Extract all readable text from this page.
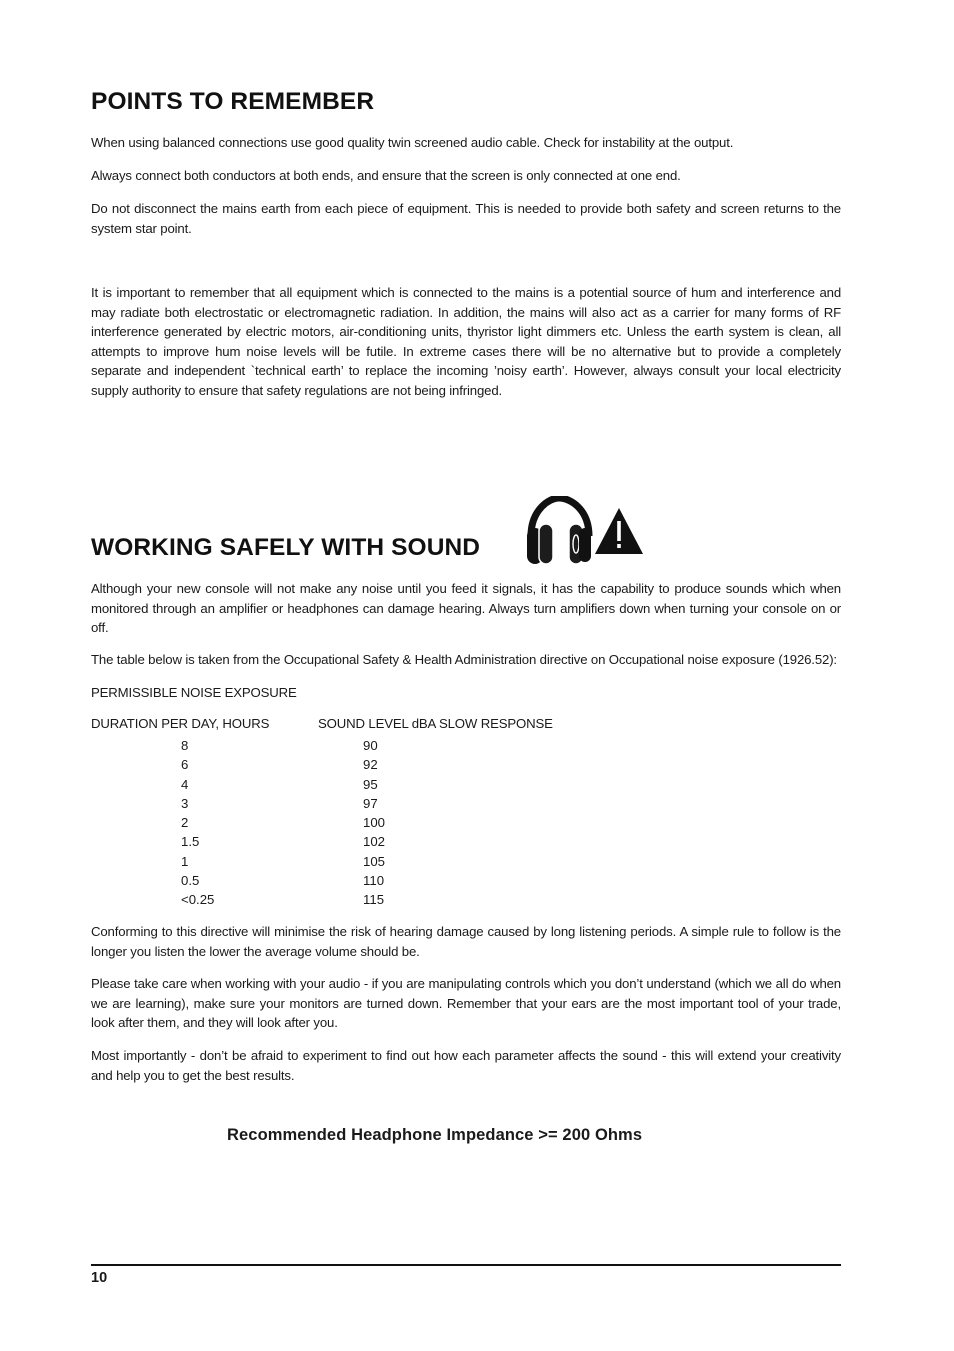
POINTS TO REMEMBER

When using balanced connections use good quality twin screened audio cable. Check for instability at the output.

Always connect both conductors at both ends, and ensure that the screen is only connected at one end.

Do not disconnect the mains earth from each piece of equipment. This is needed to provide both safety and screen returns to the system star point.

It is important to remember that all equipment which is connected to the mains is a potential source of hum and interference and may radiate both electrostatic or electromagnetic radiation. In addition, the mains will also act as a carrier for many forms of RF interference generated by electric motors, air-conditioning units, thyristor light dimmers etc. Unless the earth system is clean, all attempts to improve hum noise levels will be futile. In extreme cases there will be no alternative but to provide a completely separate and independent `technical earth’ to replace the incoming ’noisy earth’. However, always consult your local electricity supply authority to ensure that safety regulations are not being infringed.

WORKING SAFELY WITH SOUND

Although your new console will not make any noise until you feed it signals, it has the capability to produce sounds which when monitored through an amplifier or headphones can damage hearing. Always turn amplifiers down when turning your console on or off.

The table below is taken from the Occupational Safety & Health Administration directive on Occupational noise exposure (1926.52):

PERMISSIBLE NOISE EXPOSURE

DURATION PER DAY, HOURS	SOUND LEVEL dBA SLOW RESPONSE
8
6
4
3
2
1.5
1
0.5
<0.25
90
92
95
97
100
102
105
110
115

Conforming to this directive will minimise the risk of hearing damage caused by long listening periods. A simple rule to follow is the longer you listen the lower the average volume should be.

Please take care when working with your audio - if you are manipulating controls which you don’t understand (which we all do when we are learning), make sure your monitors are turned down. Remember that your ears are the most important tool of your trade, look after them, and they will look after you.

Most importantly - don’t be afraid to experiment to find out how each parameter affects the sound - this will extend your creativity and help you to get the best results.

Recommended Headphone Impedance >= 200 Ohms
10
